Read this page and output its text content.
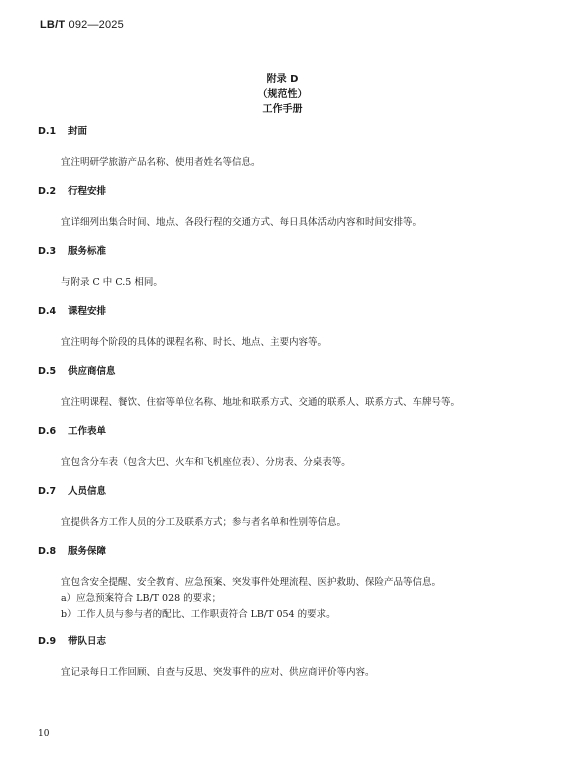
LB/T 092—2025
附录 D
（规范性）
工作手册
D.1 封面
宜注明研学旅游产品名称、使用者姓名等信息。
D.2 行程安排
宜详细列出集合时间、地点、各段行程的交通方式、每日具体活动内容和时间安排等。
D.3 服务标准
与附录 C 中 C.5 相同。
D.4 课程安排
宜注明每个阶段的具体的课程名称、时长、地点、主要内容等。
D.5 供应商信息
宜注明课程、餐饮、住宿等单位名称、地址和联系方式、交通的联系人、联系方式、车牌号等。
D.6 工作表单
宜包含分车表（包含大巴、火车和飞机座位表）、分房表、分桌表等。
D.7 人员信息
宜提供各方工作人员的分工及联系方式；参与者名单和性别等信息。
D.8 服务保障
宜包含安全提醒、安全教育、应急预案、突发事件处理流程、医护救助、保险产品等信息。
a）应急预案符合 LB/T 028 的要求；
b）工作人员与参与者的配比、工作职责符合 LB/T 054 的要求。
D.9 带队日志
宜记录每日工作回顾、自查与反思、突发事件的应对、供应商评价等内容。
10
